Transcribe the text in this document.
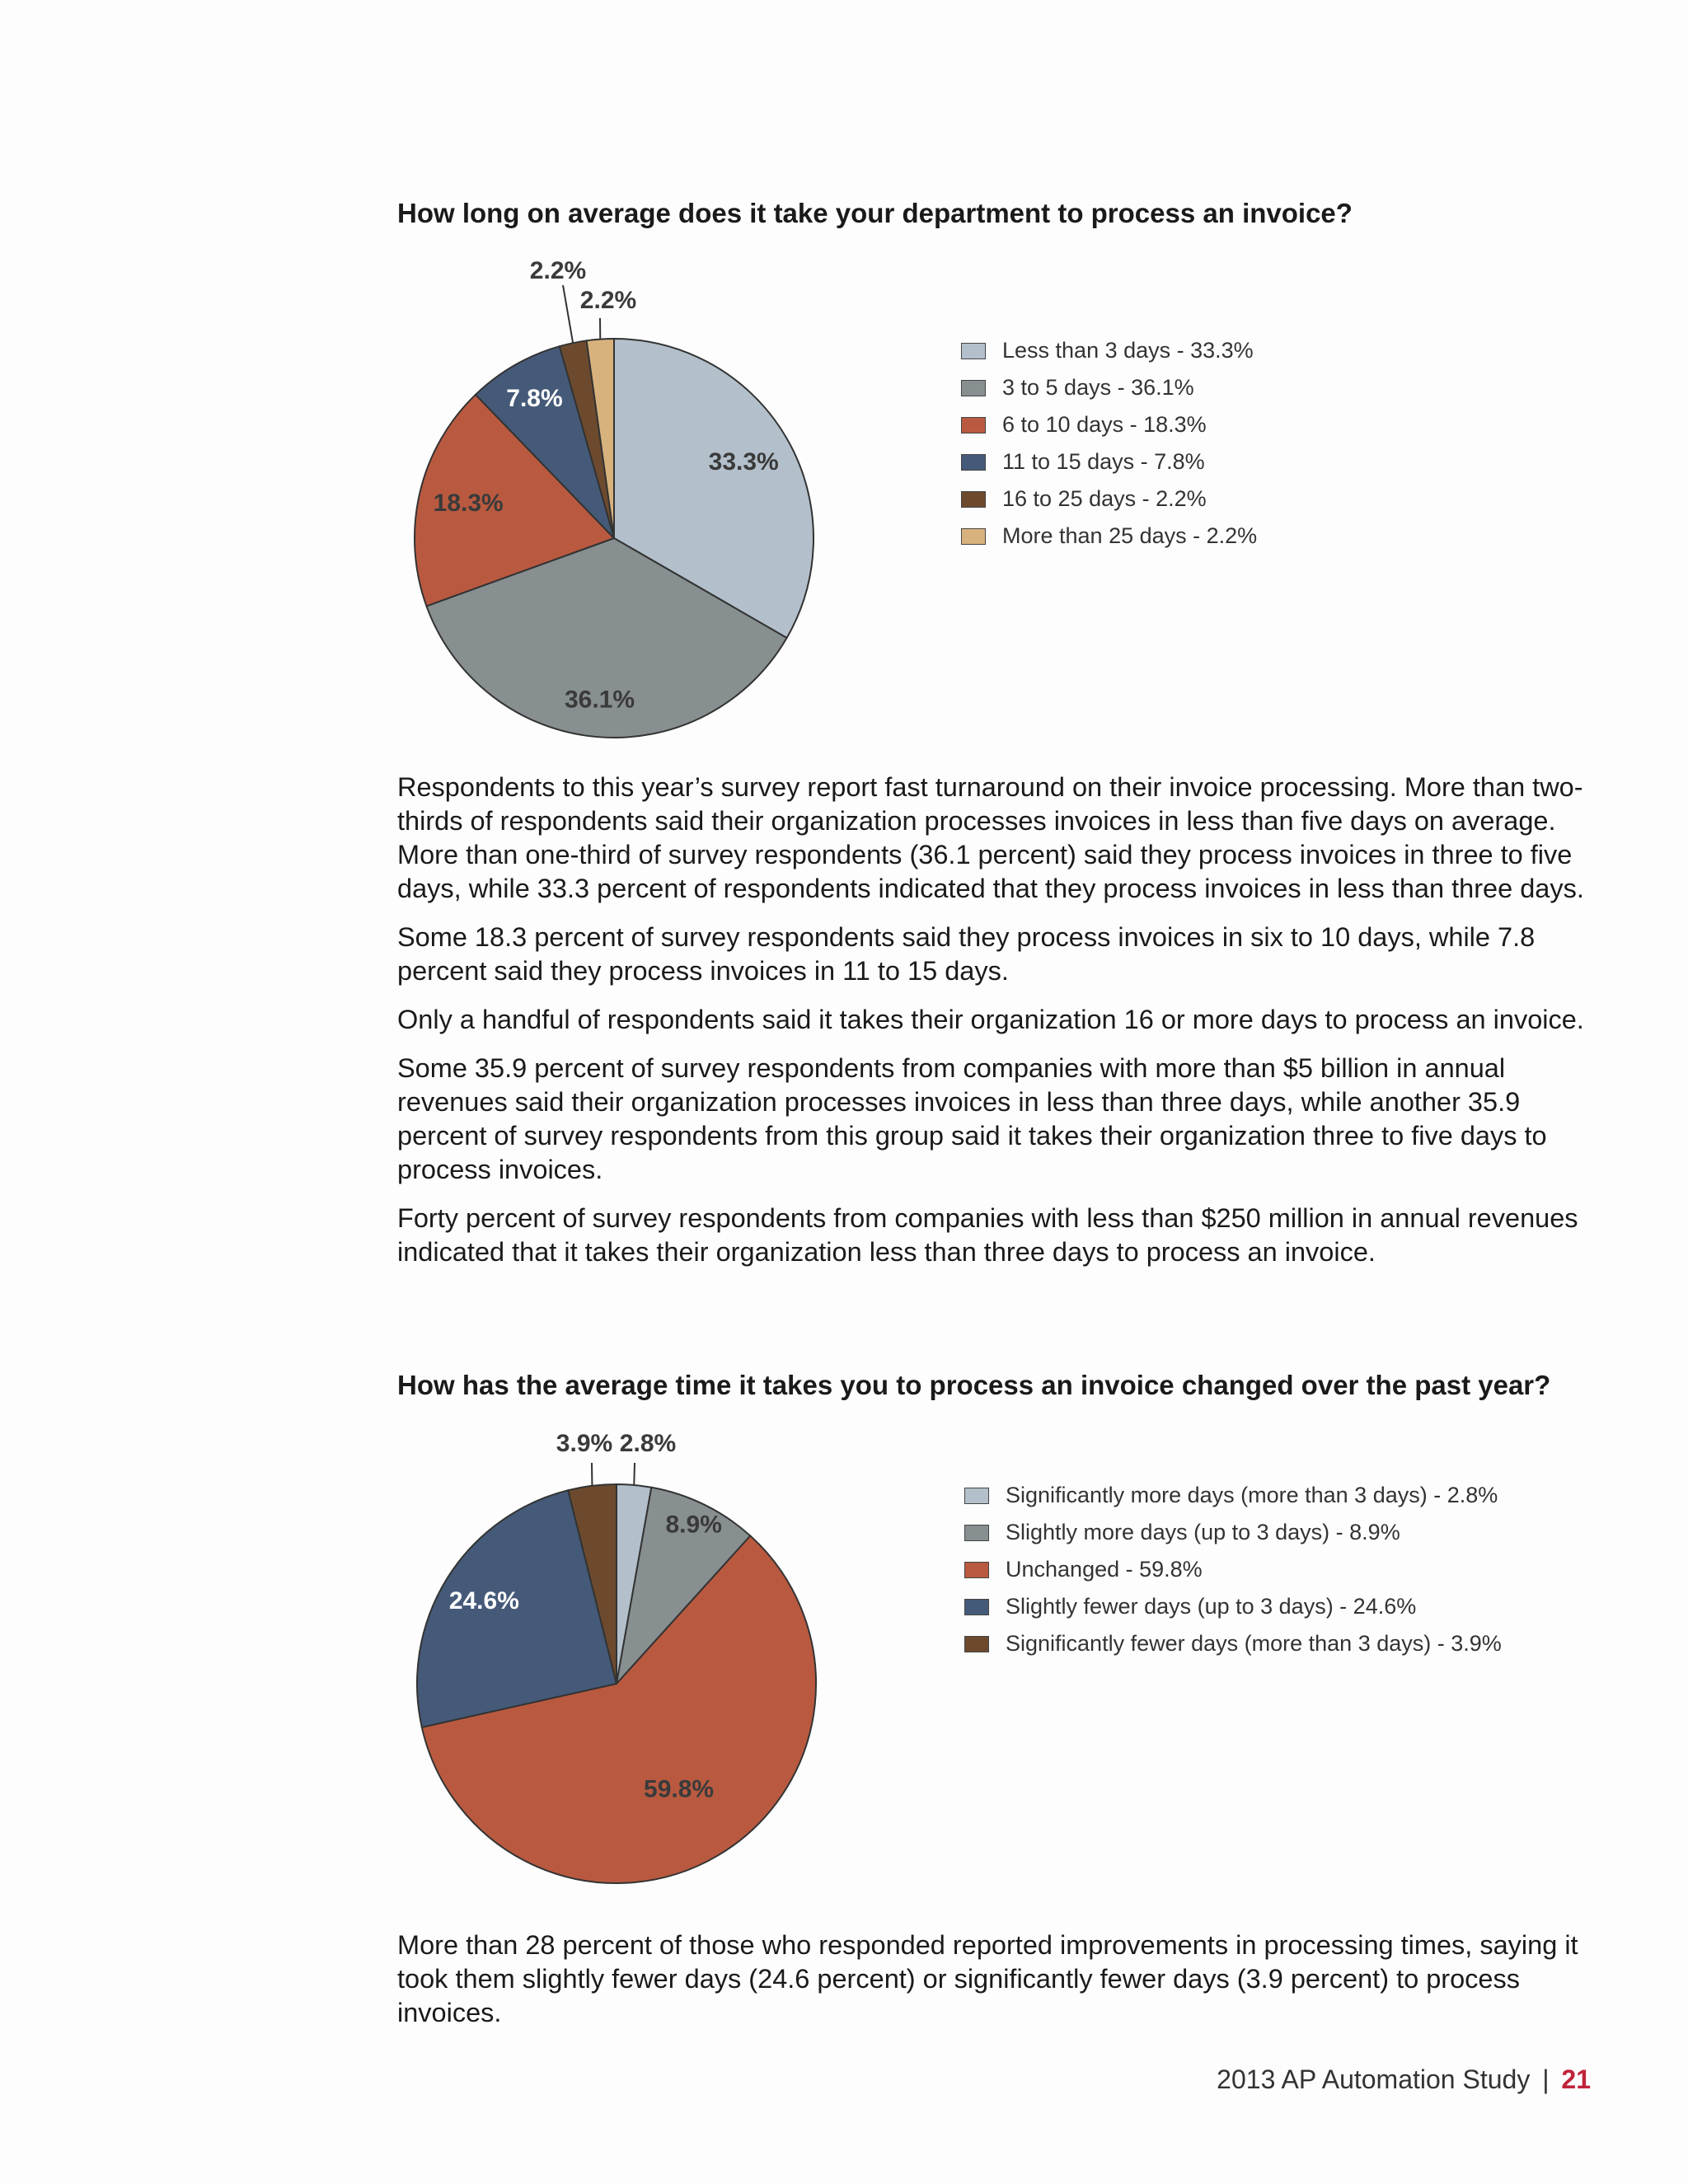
How long on average does it take your department to process an invoice?
33.3%
36.1%
18.3%
7.8%
2.2%
2.2%
Less than 3 days - 33.3%
3 to 5 days - 36.1%
6 to 10 days - 18.3%
11 to 15 days - 7.8%
16 to 25 days - 2.2%
More than 25 days - 2.2%

Respondents to this year’s survey report fast turnaround on their invoice processing. More than two-thirds of respondents said their organization processes invoices in less than five days on average. More than one-third of survey respondents (36.1 percent) said they process invoices in three to five days, while 33.3 percent of respondents indicated that they process invoices in less than three days.

Some 18.3 percent of survey respondents said they process invoices in six to 10 days, while 7.8 percent said they process invoices in 11 to 15 days.

Only a handful of respondents said it takes their organization 16 or more days to process an invoice.

Some 35.9 percent of survey respondents from companies with more than $5 billion in annual revenues said their organization processes invoices in less than three days, while another 35.9 percent of survey respondents from this group said it takes their organization three to five days to process invoices.

Forty percent of survey respondents from companies with less than $250 million in annual revenues indicated that it takes their organization less than three days to process an invoice.

How has the average time it takes you to process an invoice changed over the past year?
2.8%
8.9%
59.8%
24.6%
3.9%
Significantly more days (more than 3 days) - 2.8%
Slightly more days (up to 3 days) - 8.9%
Unchanged - 59.8%
Slightly fewer days (up to 3 days) - 24.6%
Significantly fewer days (more than 3 days) - 3.9%

More than 28 percent of those who responded reported improvements in processing times, saying it took them slightly fewer days (24.6 percent) or significantly fewer days (3.9 percent) to process invoices.

2013 AP Automation Study | 21
